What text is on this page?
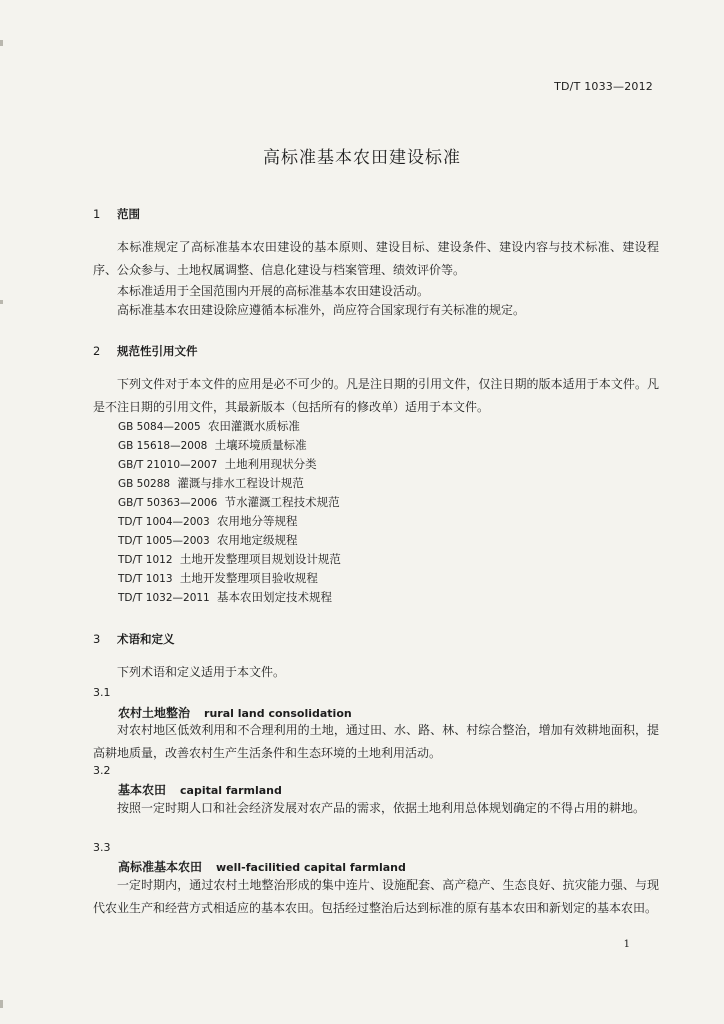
TD/T 1033—2012
高标准基本农田建设标准
1 范围

本标准规定了高标准基本农田建设的基本原则、建设目标、建设条件、建设内容与技术标准、建设程序、公众参与、土地权属调整、信息化建设与档案管理、绩效评价等。

本标准适用于全国范围内开展的高标准基本农田建设活动。

高标准基本农田建设除应遵循本标准外，尚应符合国家现行有关标准的规定。

2 规范性引用文件

下列文件对于本文件的应用是必不可少的。凡是注日期的引用文件，仅注日期的版本适用于本文件。凡是不注日期的引用文件，其最新版本（包括所有的修改单）适用于本文件。

GB 5084—2005 农田灌溉水质标准
GB 15618—2008 土壤环境质量标准
GB/T 21010—2007 土地利用现状分类
GB 50288 灌溉与排水工程设计规范
GB/T 50363—2006 节水灌溉工程技术规范
TD/T 1004—2003 农用地分等规程
TD/T 1005—2003 农用地定级规程
TD/T 1012 土地开发整理项目规划设计规范
TD/T 1013 土地开发整理项目验收规程
TD/T 1032—2011 基本农田划定技术规程
3 术语和定义

下列术语和定义适用于本文件。

3.1
农村土地整治 rural land consolidation

对农村地区低效利用和不合理利用的土地，通过田、水、路、林、村综合整治，增加有效耕地面积，提高耕地质量，改善农村生产生活条件和生态环境的土地利用活动。

3.2
基本农田 capital farmland

按照一定时期人口和社会经济发展对农产品的需求，依据土地利用总体规划确定的不得占用的耕地。

3.3
高标准基本农田 well-facilitied capital farmland

一定时期内，通过农村土地整治形成的集中连片、设施配套、高产稳产、生态良好、抗灾能力强、与现代农业生产和经营方式相适应的基本农田。包括经过整治后达到标准的原有基本农田和新划定的基本农田。

1
